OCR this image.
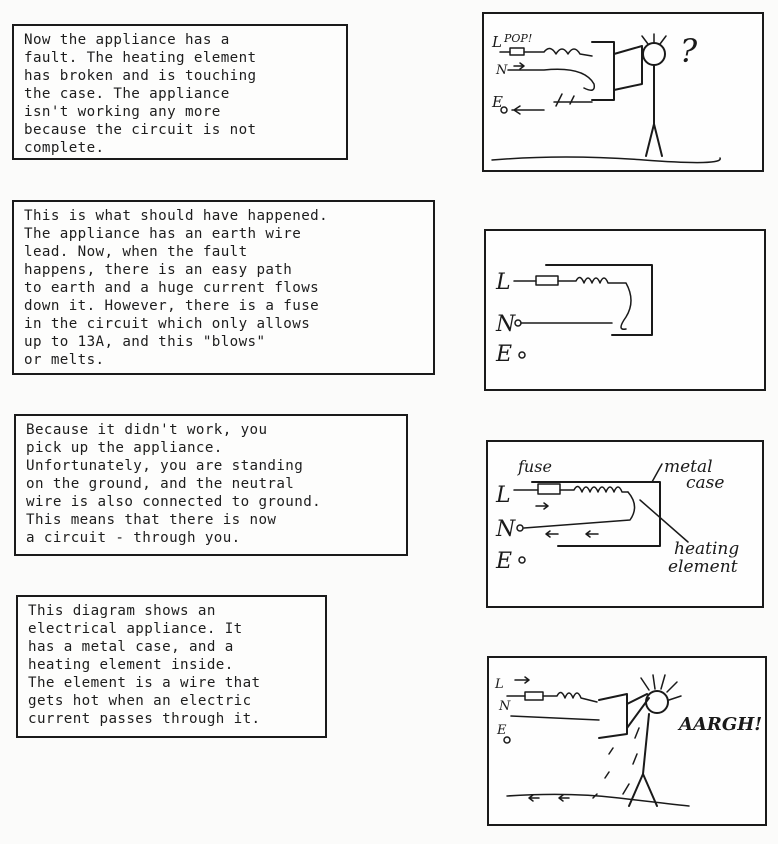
Now the appliance has a
fault. The heating element
has broken and is touching
the case. The appliance
isn't working any more
because the circuit is not
complete.
This is what should have happened.
The appliance has an earth wire
lead. Now, when the fault
happens, there is an easy path
to earth and a huge current flows
down it. However, there is a fuse
in the circuit which only allows
up to 13A, and this "blows"
or melts.
Because it didn't work, you
pick up the appliance.
Unfortunately, you are standing
on the ground, and the neutral
wire is also connected to ground.
This means that there is now
a circuit - through you.
This diagram shows an
electrical appliance. It
has a metal case, and a
heating element inside.
The element is a wire that
gets hot when an electric
current passes through it.
L POP!
N
E
?
L
N
E
fuse	metal
case
heating
element
L
N
E
L
N
E	AARGH!
